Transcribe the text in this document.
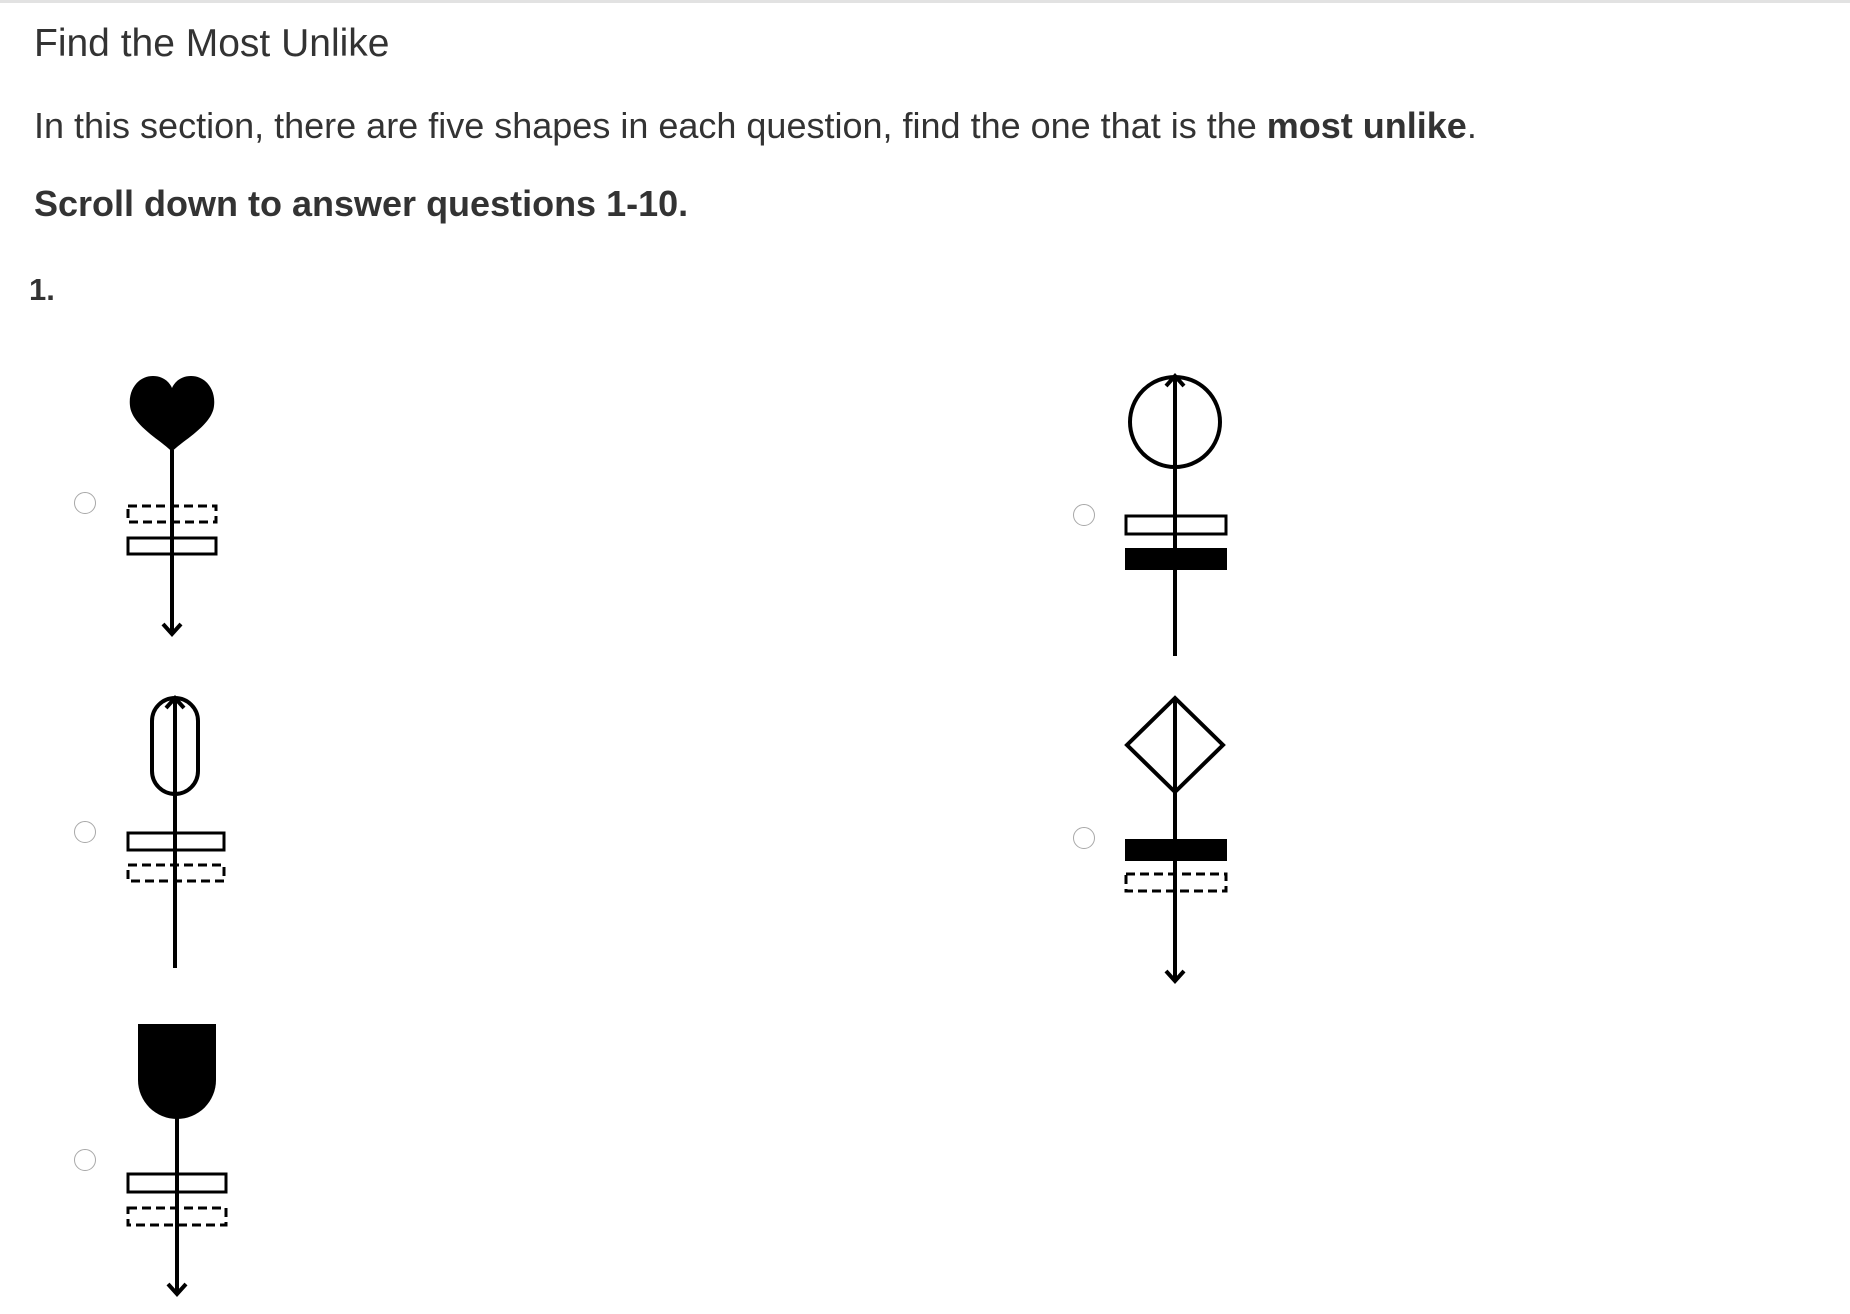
Find the Most Unlike
In this section, there are five shapes in each question, find the one that is the most unlike.
Scroll down to answer questions 1-10.
1.
